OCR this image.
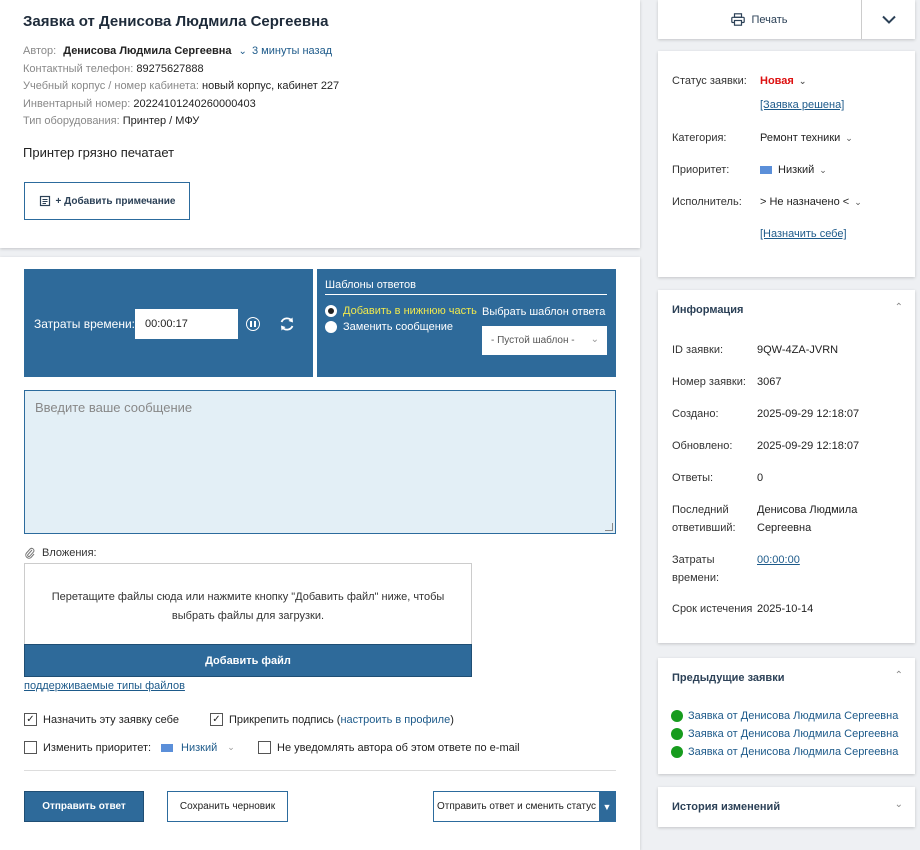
Заявка от Денисова Людмила Сергеевна
Автор: Денисова Людмила Сергеевна ⌄ 3 минуты назад
Контактный телефон: 89275627888
Учебный корпус / номер кабинета: новый корпус, кабинет 227
Инвентарный номер: 20224101240260000403
Тип оборудования: Принтер / МФУ
Принтер грязно печатает
+ Добавить примечание
Затраты времени: 00:00:17
Шаблоны ответов
Добавить в нижнюю часть
Заменить сообщение
Выбрать шаблон ответа
- Пустой шаблон - ⌄
Введите ваше сообщение
Вложения:
Перетащите файлы сюда или нажмите кнопку "Добавить файл" ниже, чтобы выбрать файлы для загрузки.
Добавить файл
поддерживаемые типы файлов
✓ Назначить эту заявку себе	✓ Прикрепить подпись (настроить в профиле)
Изменить приоритет:	Низкий ⌄	Не уведомлять автора об этом ответе по e-mail
Отправить ответ	Сохранить черновик	Отправить ответ и сменить статус ▼
Печать
Статус заявки: Новая ⌄
[Заявка решена]
Категория:	Ремонт техники ⌄
Приоритет:	Низкий ⌄
Исполнитель: > Не назначено < ⌄
[Назначить себе]
Информация	⌃
ID заявки:	9QW-4ZA-JVRN
Номер заявки:	3067
Создано:	2025-09-29 12:18:07
Обновлено:	2025-09-29 12:18:07
Ответы:	0
Последний ответивший:
Денисова Людмила
Сергеевна
Затраты времени:
00:00:00
Срок истечения 2025-10-14
Предыдущие заявки	⌃
Заявка от Денисова Людмила Сергеевна
Заявка от Денисова Людмила Сергеевна
Заявка от Денисова Людмила Сергеевна
История изменений	⌄
